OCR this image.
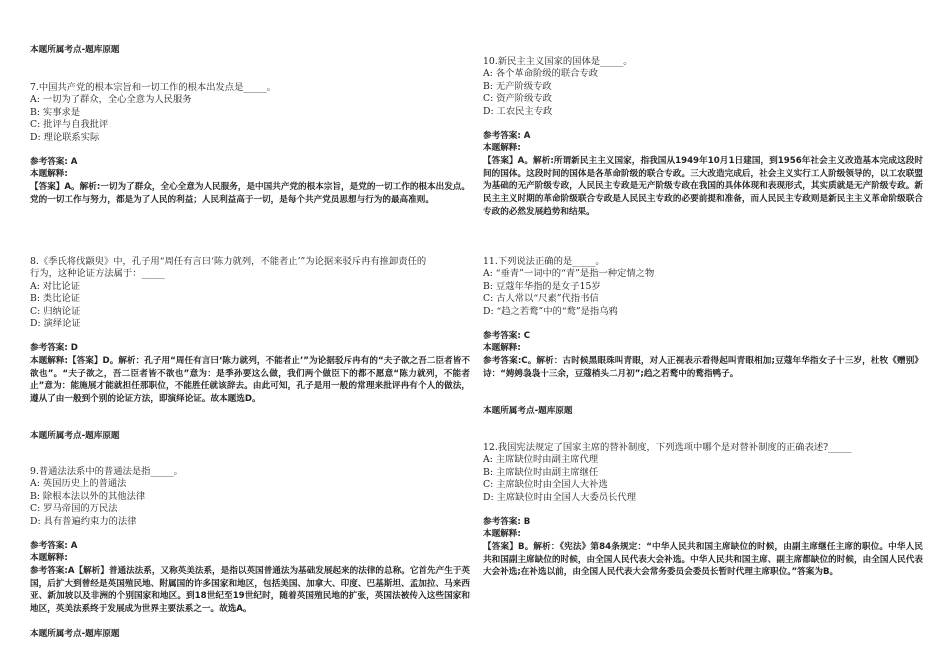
本题所属考点-题库原题
7.中国共产党的根本宗旨和一切工作的根本出发点是_____。
A: 一切为了群众，全心全意为人民服务
B: 实事求是
C: 批评与自我批评
D: 理论联系实际
参考答案: A
本题解释:
【答案】A。解析:一切为了群众，全心全意为人民服务，是中国共产党的根本宗旨，是党的一切工作的根本出发点。党的一切工作与努力，都是为了人民的利益；人民利益高于一切，是每个共产党员思想与行为的最高准则。
8.《季氏将伐颛臾》中，孔子用“周任有言曰‘陈力就列，不能者止’”为论据来驳斥冉有推卸责任的
行为，这种论证方法属于：_____
A: 对比论证
B: 类比论证
C: 归纳论证
D: 演绎论证
参考答案: D
本题解释:【答案】D。解析：孔子用“周任有言曰‘陈力就列，不能者止’”为论据驳斥冉有的“夫子欲之吾二臣者皆不欲也”。“夫子欲之，吾二臣者皆不欲也”意为：是季孙要这么做，我们两个做臣下的都不愿意“陈力就列，不能者止”意为：能施展才能就担任那职位，不能胜任就该辞去。由此可知，孔子是用一般的常理来批评冉有个人的做法，遵从了由一般到个别的论证方法，即演绎论证。故本题选D。
本题所属考点-题库原题
9.普通法法系中的普通法是指_____。
A: 英国历史上的普通法
B: 除根本法以外的其他法律
C: 罗马帝国的万民法
D: 具有普遍约束力的法律
参考答案: A
本题解释:
参考答案:A【解析】普通法法系，又称英美法系，是指以英国普通法为基础发展起来的法律的总称。它首先产生于英国，后扩大到曾经是英国殖民地、附属国的许多国家和地区，包括美国、加拿大、印度、巴基斯坦、孟加拉、马来西亚、新加坡以及非洲的个别国家和地区。到18世纪至19世纪时，随着英国殖民地的扩张，英国法被传入这些国家和地区，英美法系终于发展成为世界主要法系之一。故选A。
本题所属考点-题库原题
10.新民主主义国家的国体是_____。
A: 各个革命阶级的联合专政
B: 无产阶级专政
C: 资产阶级专政
D: 工农民主专政
参考答案: A
本题解释:
【答案】A。解析:所谓新民主主义国家，指我国从1949年10月1日建国，到1956年社会主义改造基本完成这段时间的国体。这段时间的国体是各革命阶级的联合专政。三大改造完成后，社会主义实行工人阶级领导的，以工农联盟为基础的无产阶级专政，人民民主专政是无产阶级专政在我国的具体体现和表现形式，其实质就是无产阶级专政。新民主主义时期的革命阶级联合专政是人民民主专政的必要前提和准备，而人民民主专政则是新民主主义革命阶级联合专政的必然发展趋势和结果。
11.下列说法正确的是_____。
A: “垂青”一词中的“青”是指一种定情之物
B: 豆蔻年华指的是女子15岁
C: 古人常以“尺素”代指书信
D: “趋之若鹜”中的“鹜”是指乌鸦
参考答案: C
本题解释:
参考答案:C。解析：古时候黑眼珠叫青眼，对人正视表示看得起叫青眼相加;豆蔻年华指女子十三岁，杜牧《赠别》诗：“娉娉袅袅十三余，豆蔻梢头二月初”;趋之若鹜中的鹜指鸭子。
本题所属考点-题库原题
12.我国宪法规定了国家主席的替补制度，下列选项中哪个是对替补制度的正确表述?_____
A: 主席缺位时由副主席代理
B: 主席缺位时由副主席继任
C: 主席缺位时由全国人大补选
D: 主席缺位时由全国人大委员长代理
参考答案: B
本题解释:
【答案】B。解析：《宪法》第84条规定：“中华人民共和国主席缺位的时候，由副主席继任主席的职位。中华人民共和国副主席缺位的时候，由全国人民代表大会补选。中华人民共和国主席、副主席都缺位的时候，由全国人民代表大会补选;在补选以前，由全国人民代表大会常务委员会委员长暂时代理主席职位。”答案为B。
